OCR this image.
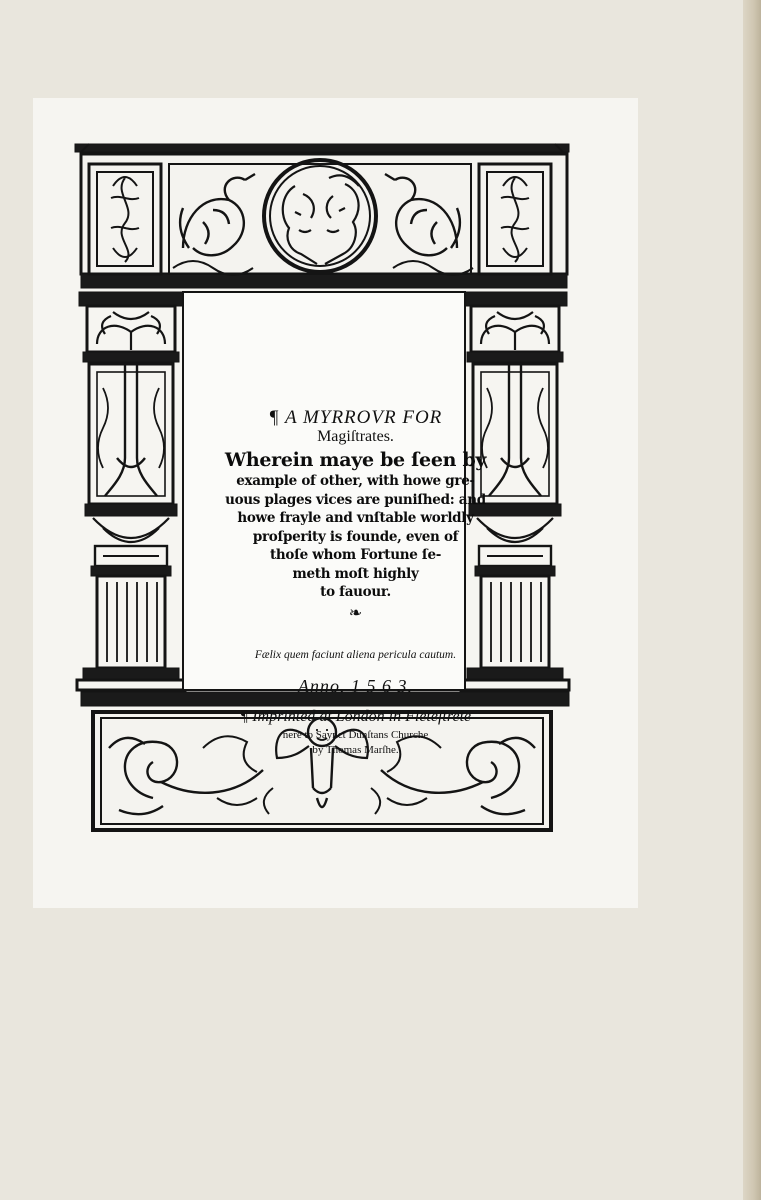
¶ A MYRROVR FOR
Magiſtrates.
Wherein maye be ſeen by
example of other, with howe gre-
uous plages vices are puniſhed: and
howe frayle and vnſtable worldly
proſperity is founde, even of
thoſe whom Fortune ſe-
meth moſt highly
to fauour.
❧
Fælix quem faciunt aliena pericula cautum.
Anno. 1 5 6 3.
¶ Imprinted at London in Fleteſtrete
nere to Saynct Dunſtans Churche
by Thomas Marſhe.
